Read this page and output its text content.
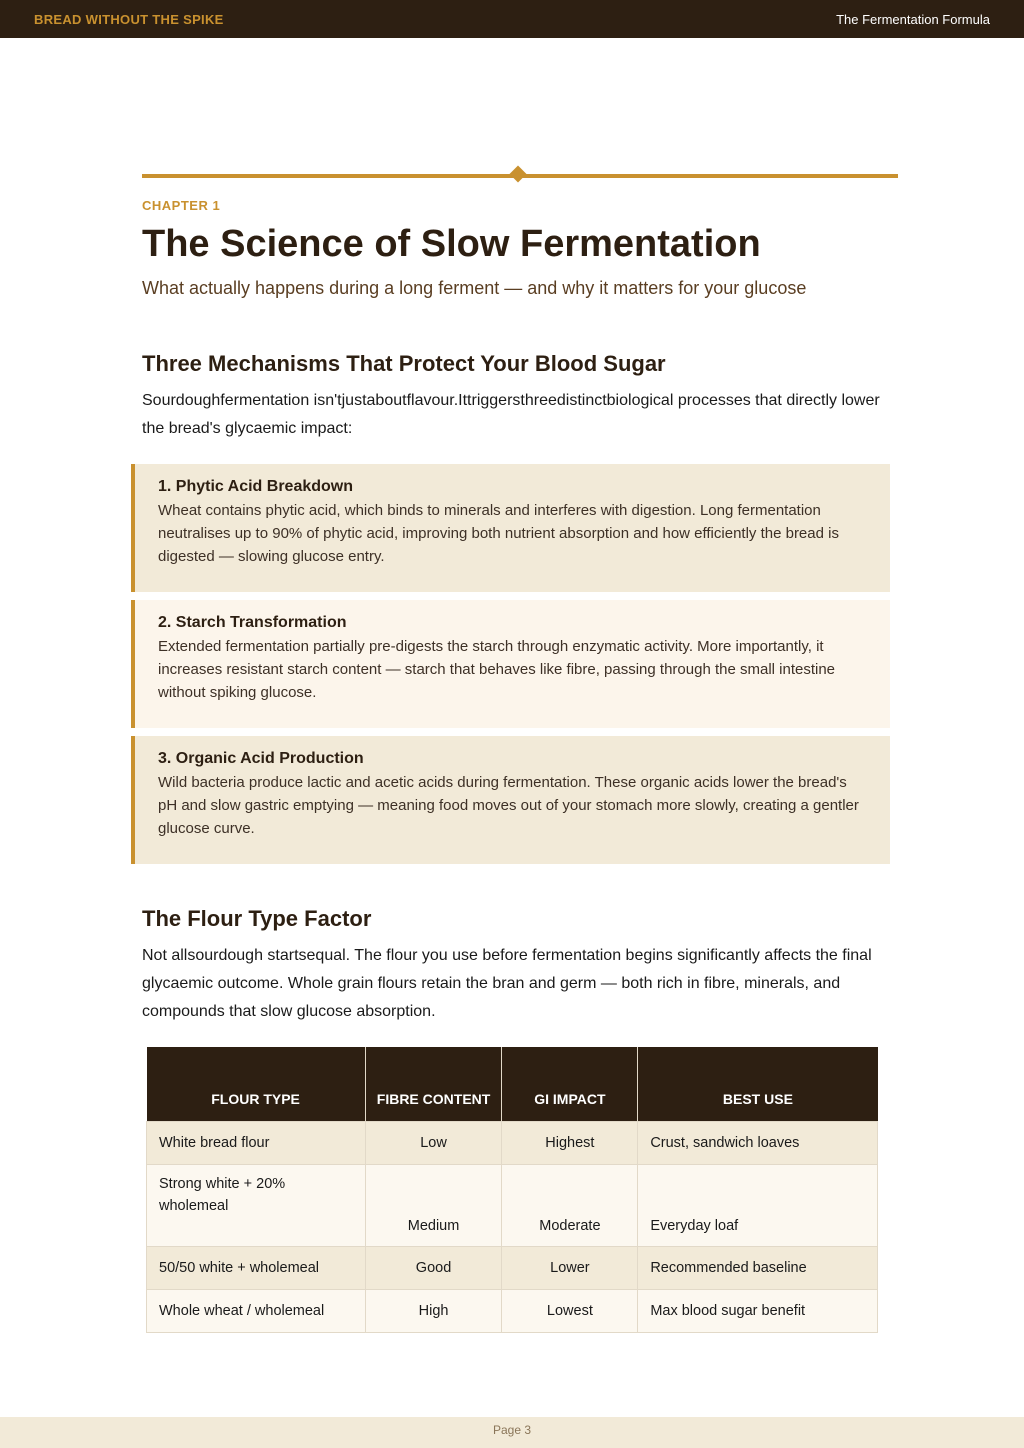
BREAD WITHOUT THE SPIKE	The Fermentation Formula
CHAPTER 1
The Science of Slow Fermentation
What actually happens during a long ferment — and why it matters for your glucose
Three Mechanisms That Protect Your Blood Sugar

Sourdoughfermentation isn'tjustaboutflavour.Ittriggersthreedistinctbiological processes that directly lower the bread's glycaemic impact:

1. Phytic Acid Breakdown
Wheat contains phytic acid, which binds to minerals and interferes with digestion. Long fermentation neutralises up to 90% of phytic acid, improving both nutrient absorption and how efficiently the bread is digested — slowing glucose entry.
2. Starch Transformation
Extended fermentation partially pre-digests the starch through enzymatic activity. More importantly, it increases resistant starch content — starch that behaves like fibre, passing through the small intestine without spiking glucose.
3. Organic Acid Production
Wild bacteria produce lactic and acetic acids during fermentation. These organic acids lower the bread's pH and slow gastric emptying — meaning food moves out of your stomach more slowly, creating a gentler glucose curve.
The Flour Type Factor

Not allsourdough startsequal. The flour you use before fermentation begins significantly affects the final glycaemic outcome. Whole grain flours retain the bran and germ — both rich in fibre, minerals, and compounds that slow glucose absorption.

FLOUR TYPE	FIBRE CONTENT	GI IMPACT	BEST USE
White bread flour	Low	Highest	Crust, sandwich loaves
Strong white + 20% wholemeal	Medium	Moderate	Everyday loaf
50/50 white + wholemeal	Good	Lower	Recommended baseline
Whole wheat / wholemeal	High	Lowest	Max blood sugar benefit
Page 3
